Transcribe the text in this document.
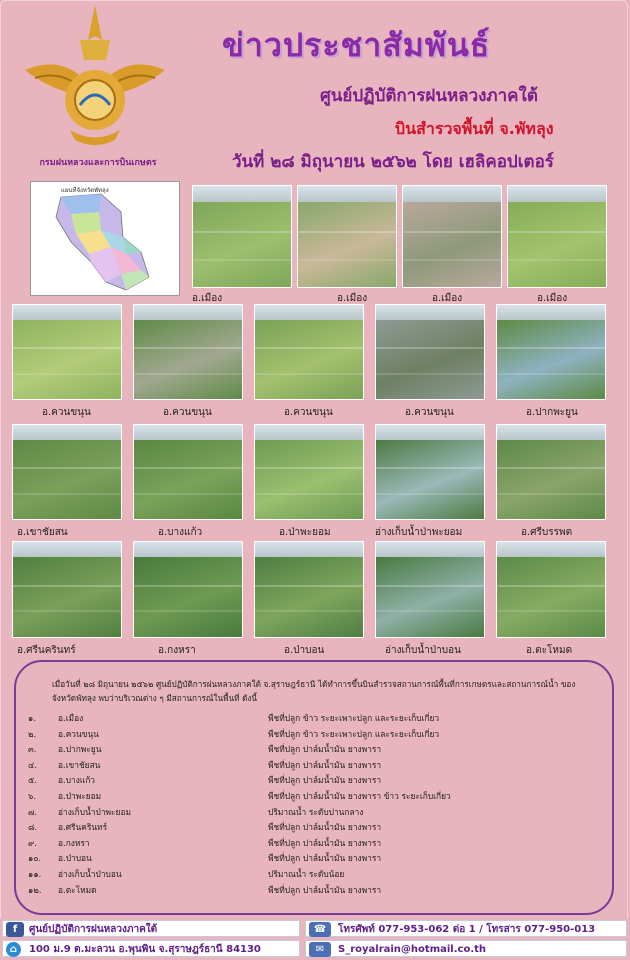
กรมฝนหลวงและการบินเกษตร
ข่าวประชาสัมพันธ์
ศูนย์ปฏิบัติการฝนหลวงภาคใต้
บินสำรวจพื้นที่ จ.พัทลุง
วันที่ ๒๘ มิถุนายน ๒๕๖๒ โดย เฮลิคอปเตอร์
แผนที่จังหวัดพัทลุง
อ.เมือง	อ.เมือง	อ.เมือง	อ.เมือง
อ.ควนขนุน	อ.ควนขนุน	อ.ควนขนุน	อ.ควนขนุน	อ.ปากพะยูน
อ.เขาชัยสน	อ.บางแก้ว	อ.ป่าพะยอม	อ่างเก็บน้ำป่าพะยอม	อ.ศรีบรรพต
อ.ศรีนครินทร์	อ.กงหรา	อ.ป่าบอน	อ่างเก็บน้ำป่าบอน	อ.ตะโหมด
เมื่อวันที่ ๒๘ มิถุนายน ๒๕๖๒ ศูนย์ปฏิบัติการฝนหลวงภาคใต้ จ.สุราษฎร์ธานี ได้ทำการขึ้นบินสำรวจสถานการณ์พื้นที่การเกษตรและสถานการณ์น้ำ ของจังหวัดพัทลุง พบว่าบริเวณต่าง ๆ มีสถานการณ์ในพื้นที่ ดังนี้
๑.	อ.เมือง	พืชที่ปลูก ข้าว ระยะเพาะปลูก และระยะเก็บเกี่ยว
๒.	อ.ควนขนุน	พืชที่ปลูก ข้าว ระยะเพาะปลูก และระยะเก็บเกี่ยว
๓.	อ.ปากพะยูน	พืชที่ปลูก ปาล์มน้ำมัน ยางพารา
๔.	อ.เขาชัยสน	พืชที่ปลูก ปาล์มน้ำมัน ยางพารา
๕.	อ.บางแก้ว	พืชที่ปลูก ปาล์มน้ำมัน ยางพารา
๖.	อ.ป่าพะยอม	พืชที่ปลูก ปาล์มน้ำมัน ยางพารา ข้าว ระยะเก็บเกี่ยว
๗.	อ่างเก็บน้ำป่าพะยอม	ปริมาณน้ำ ระดับปานกลาง
๘.	อ.ศรีนครินทร์	พืชที่ปลูก ปาล์มน้ำมัน ยางพารา
๙.	อ.กงหรา	พืชที่ปลูก ปาล์มน้ำมัน ยางพารา
๑๐.	อ.ป่าบอน	พืชที่ปลูก ปาล์มน้ำมัน ยางพารา
๑๑.	อ่างเก็บน้ำป่าบอน	ปริมาณน้ำ ระดับน้อย
๑๒.	อ.ตะโหมด	พืชที่ปลูก ปาล์มน้ำมัน ยางพารา
f	ศูนย์ปฏิบัติการฝนหลวงภาคใต้	☎	โทรศัพท์ 077-953-062 ต่อ 1 / โทรสาร 077-950-013
⌂	100 ม.9 ต.มะลวน อ.พุนพิน จ.สุราษฎร์ธานี 84130	✉	S_royalrain@hotmail.co.th
